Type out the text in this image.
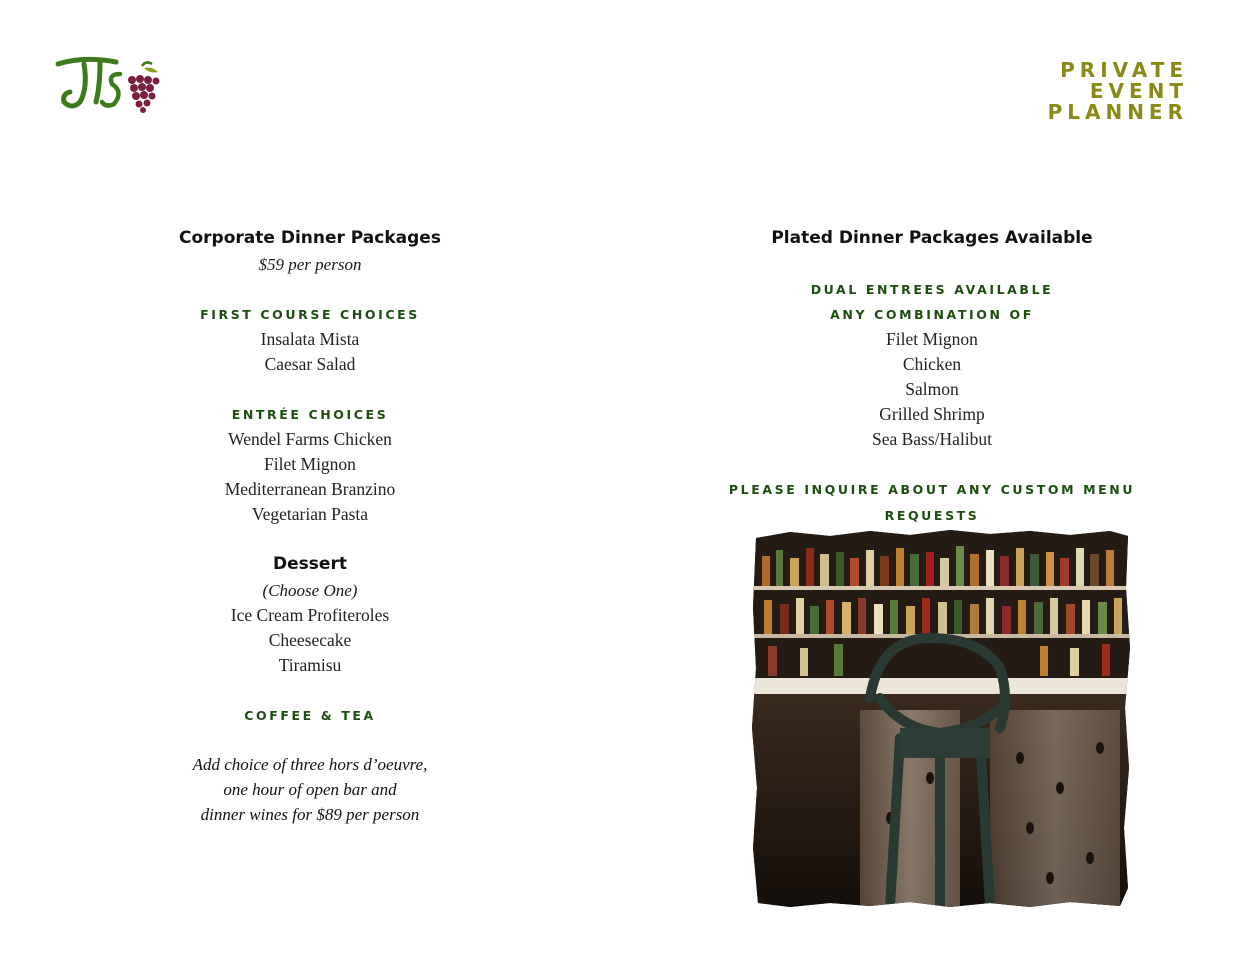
PRIVATE
EVENT
PLANNER
Corporate Dinner Packages
$59 per person
FIRST COURSE CHOICES
Insalata Mista
Caesar Salad
ENTRÉE CHOICES
Wendel Farms Chicken
Filet Mignon
Mediterranean Branzino
Vegetarian Pasta
Dessert
(Choose One)
Ice Cream Profiteroles
Cheesecake
Tiramisu
COFFEE & TEA
Add choice of three hors d’oeuvre,
one hour of open bar and
dinner wines for $89 per person
Plated Dinner Packages Available
DUAL ENTREES AVAILABLE
ANY COMBINATION OF
Filet Mignon
Chicken
Salmon
Grilled Shrimp
Sea Bass/Halibut
PLEASE INQUIRE ABOUT ANY CUSTOM MENU REQUESTS
